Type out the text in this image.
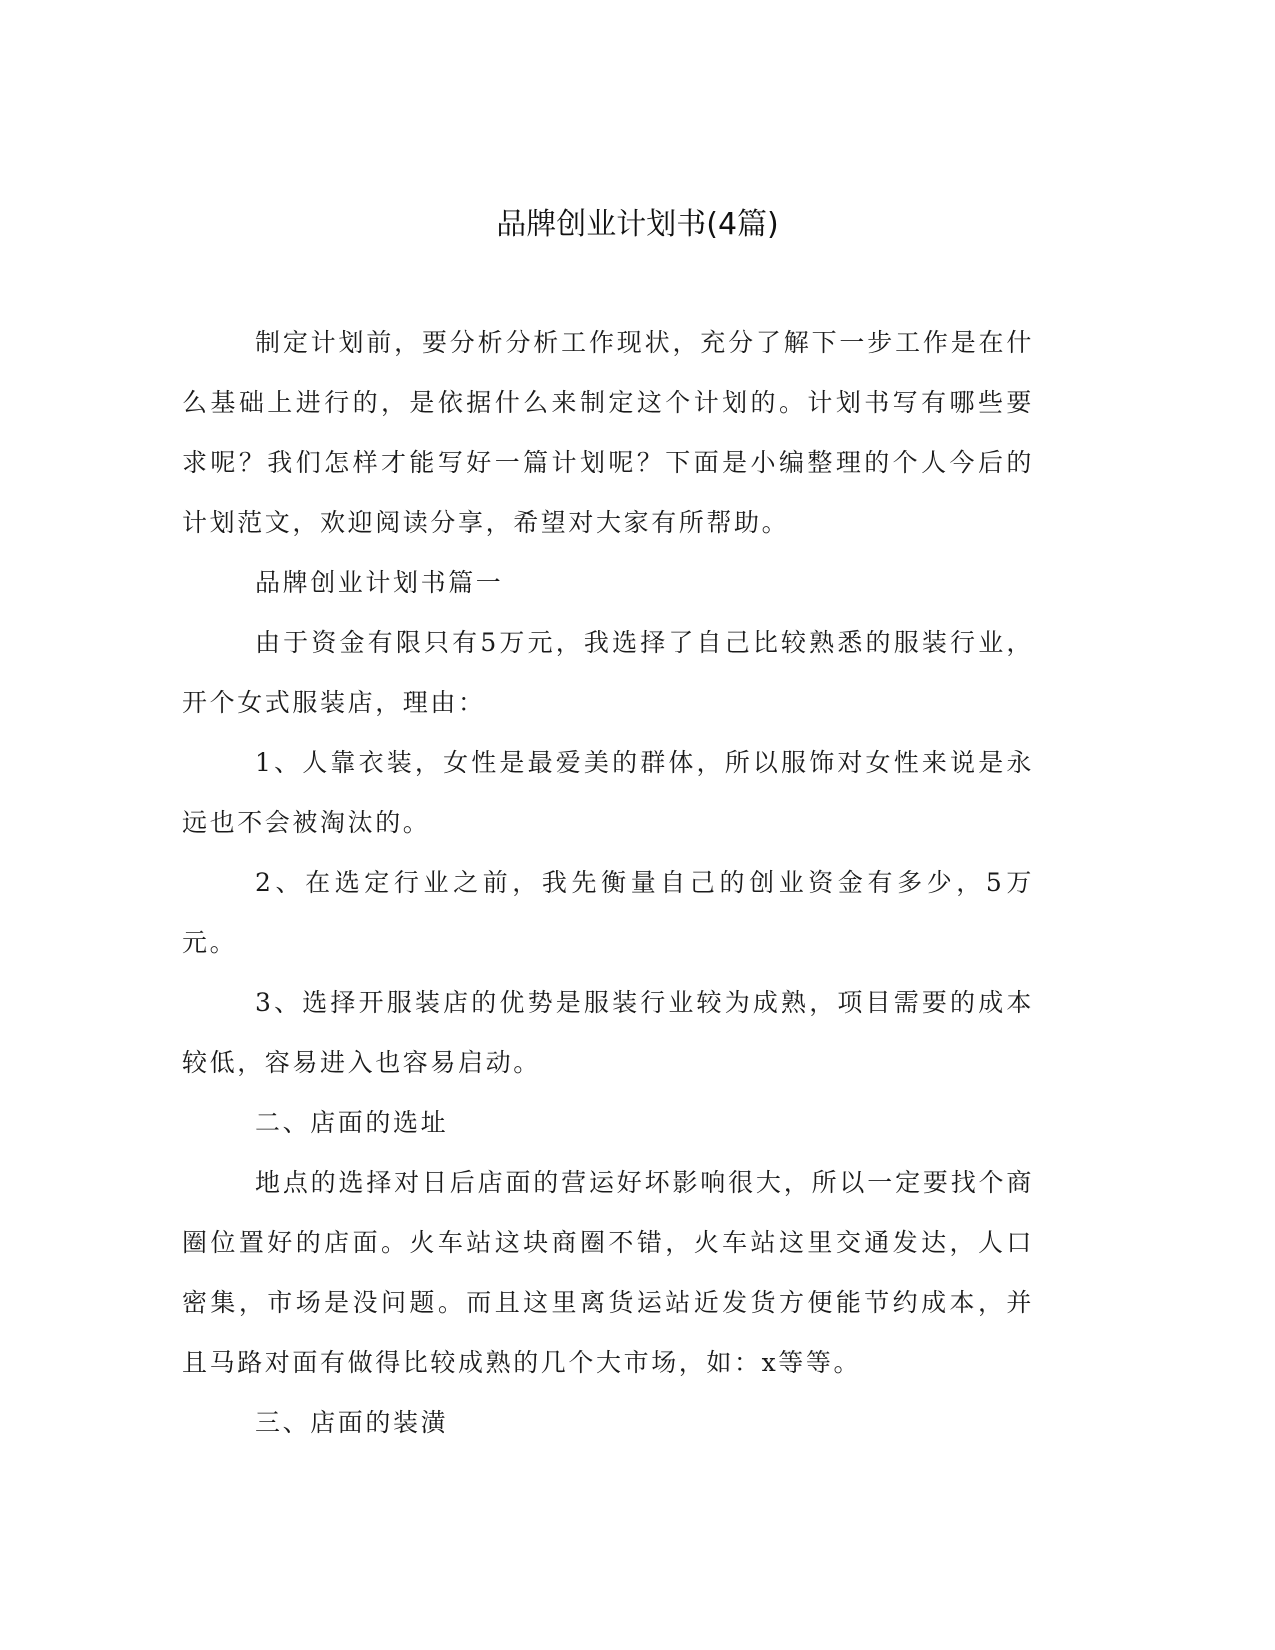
品牌创业计划书(4篇)

制定计划前，要分析分析工作现状，充分了解下一步工作是在什么基础上进行的，是依据什么来制定这个计划的。计划书写有哪些要求呢？我们怎样才能写好一篇计划呢？下面是小编整理的个人今后的计划范文，欢迎阅读分享，希望对大家有所帮助。

品牌创业计划书篇一

由于资金有限只有5万元，我选择了自己比较熟悉的服装行业，开个女式服装店，理由：

1、人靠衣装，女性是最爱美的群体，所以服饰对女性来说是永远也不会被淘汰的。

2、在选定行业之前，我先衡量自己的创业资金有多少，5万元。

3、选择开服装店的优势是服装行业较为成熟，项目需要的成本较低，容易进入也容易启动。

二、店面的选址

地点的选择对日后店面的营运好坏影响很大，所以一定要找个商圈位置好的店面。火车站这块商圈不错，火车站这里交通发达，人口密集，市场是没问题。而且这里离货运站近发货方便能节约成本，并且马路对面有做得比较成熟的几个大市场，如：x等等。

三、店面的装潢
